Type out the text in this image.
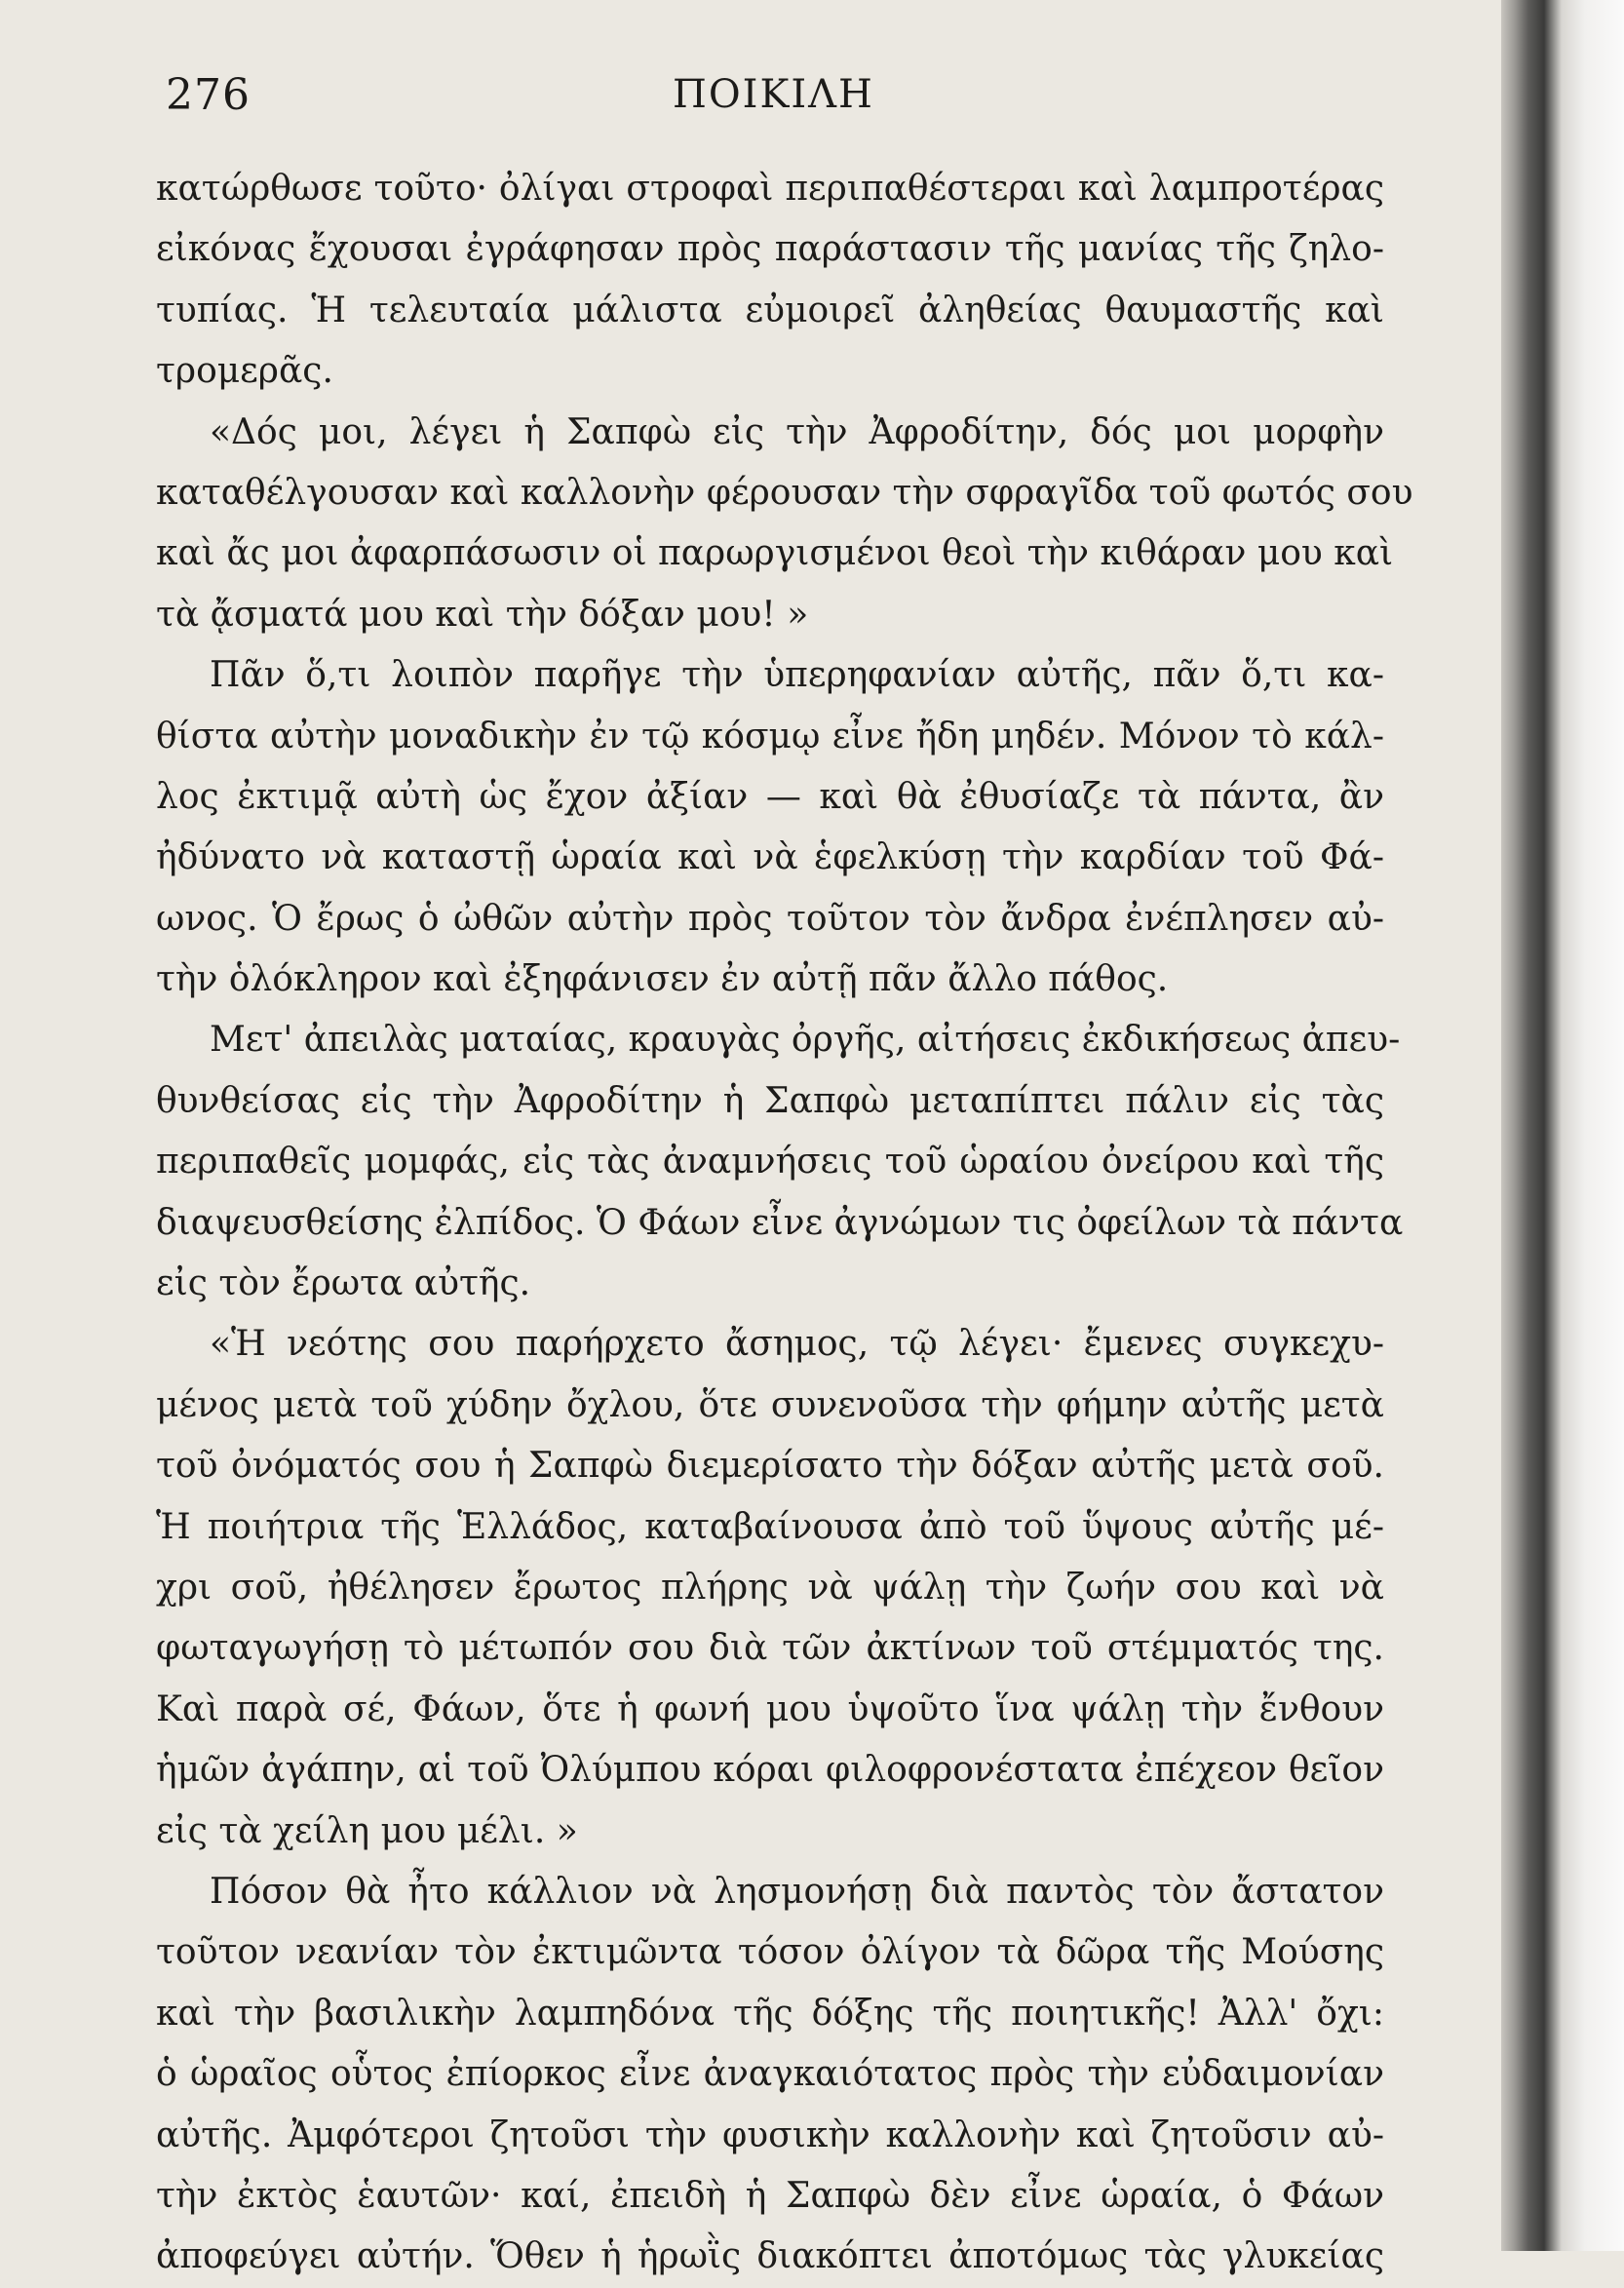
276	ΠΟΙΚΙΛΗ
κατώρθωσε τοῦτο· ὀλίγαι στροφαὶ περιπαθέστεραι καὶ λαμπροτέρας
εἰκόνας ἔχουσαι ἐγράφησαν πρὸς παράστασιν τῆς μανίας τῆς ζηλο-
τυπίας. Ἡ τελευταία μάλιστα εὐμοιρεῖ ἀληθείας θαυμαστῆς καὶ
τρομερᾶς.
«Δός μοι, λέγει ἡ Σαπφὼ εἰς τὴν Ἀφροδίτην, δός μοι μορφὴν
καταθέλγουσαν καὶ καλλονὴν φέρουσαν τὴν σφραγῖδα τοῦ φωτός σου
καὶ ἄς μοι ἀφαρπάσωσιν οἱ παρωργισμένοι θεοὶ τὴν κιθάραν μου καὶ
τὰ ᾄσματά μου καὶ τὴν δόξαν μου! »
Πᾶν ὅ,τι λοιπὸν παρῆγε τὴν ὑπερηφανίαν αὐτῆς, πᾶν ὅ,τι κα-
θίστα αὐτὴν μοναδικὴν ἐν τῷ κόσμῳ εἶνε ἤδη μηδέν. Μόνον τὸ κάλ-
λος ἐκτιμᾷ αὐτὴ ὡς ἔχον ἀξίαν — καὶ θὰ ἐθυσίαζε τὰ πάντα, ἂν
ἠδύνατο νὰ καταστῇ ὡραία καὶ νὰ ἑφελκύσῃ τὴν καρδίαν τοῦ Φά-
ωνος. Ὁ ἔρως ὁ ὠθῶν αὐτὴν πρὸς τοῦτον τὸν ἄνδρα ἐνέπλησεν αὐ-
τὴν ὁλόκληρον καὶ ἐξηφάνισεν ἐν αὐτῇ πᾶν ἄλλο πάθος.
Μετ' ἀπειλὰς ματαίας, κραυγὰς ὀργῆς, αἰτήσεις ἐκδικήσεως ἀπευ-
θυνθείσας εἰς τὴν Ἀφροδίτην ἡ Σαπφὼ μεταπίπτει πάλιν εἰς τὰς
περιπαθεῖς μομφάς, εἰς τὰς ἀναμνήσεις τοῦ ὡραίου ὀνείρου καὶ τῆς
διαψευσθείσης ἐλπίδος. Ὁ Φάων εἶνε ἀγνώμων τις ὀφείλων τὰ πάντα
εἰς τὸν ἔρωτα αὐτῆς.
«Ἡ νεότης σου παρήρχετο ἄσημος, τῷ λέγει· ἔμενες συγκεχυ-
μένος μετὰ τοῦ χύδην ὄχλου, ὅτε συνενοῦσα τὴν φήμην αὐτῆς μετὰ
τοῦ ὀνόματός σου ἡ Σαπφὼ διεμερίσατο τὴν δόξαν αὐτῆς μετὰ σοῦ.
Ἡ ποιήτρια τῆς Ἑλλάδος, καταβαίνουσα ἀπὸ τοῦ ὕψους αὐτῆς μέ-
χρι σοῦ, ἠθέλησεν ἔρωτος πλήρης νὰ ψάλῃ τὴν ζωήν σου καὶ νὰ
φωταγωγήσῃ τὸ μέτωπόν σου διὰ τῶν ἀκτίνων τοῦ στέμματός της.
Καὶ παρὰ σέ, Φάων, ὅτε ἡ φωνή μου ὑψοῦτο ἵνα ψάλῃ τὴν ἔνθουν
ἡμῶν ἀγάπην, αἱ τοῦ Ὀλύμπου κόραι φιλοφρονέστατα ἐπέχεον θεῖον
εἰς τὰ χείλη μου μέλι. »
Πόσον θὰ ἦτο κάλλιον νὰ λησμονήσῃ διὰ παντὸς τὸν ἄστατον
τοῦτον νεανίαν τὸν ἐκτιμῶντα τόσον ὀλίγον τὰ δῶρα τῆς Μούσης
καὶ τὴν βασιλικὴν λαμπηδόνα τῆς δόξης τῆς ποιητικῆς! Ἀλλ' ὄχι:
ὁ ὡραῖος οὗτος ἐπίορκος εἶνε ἀναγκαιότατος πρὸς τὴν εὐδαιμονίαν
αὐτῆς. Ἀμφότεροι ζητοῦσι τὴν φυσικὴν καλλονὴν καὶ ζητοῦσιν αὐ-
τὴν ἐκτὸς ἑαυτῶν· καί, ἐπειδὴ ἡ Σαπφὼ δὲν εἶνε ὡραία, ὁ Φάων
ἀποφεύγει αὐτήν. Ὅθεν ἡ ἡρωῒς διακόπτει ἀποτόμως τὰς γλυκείας
